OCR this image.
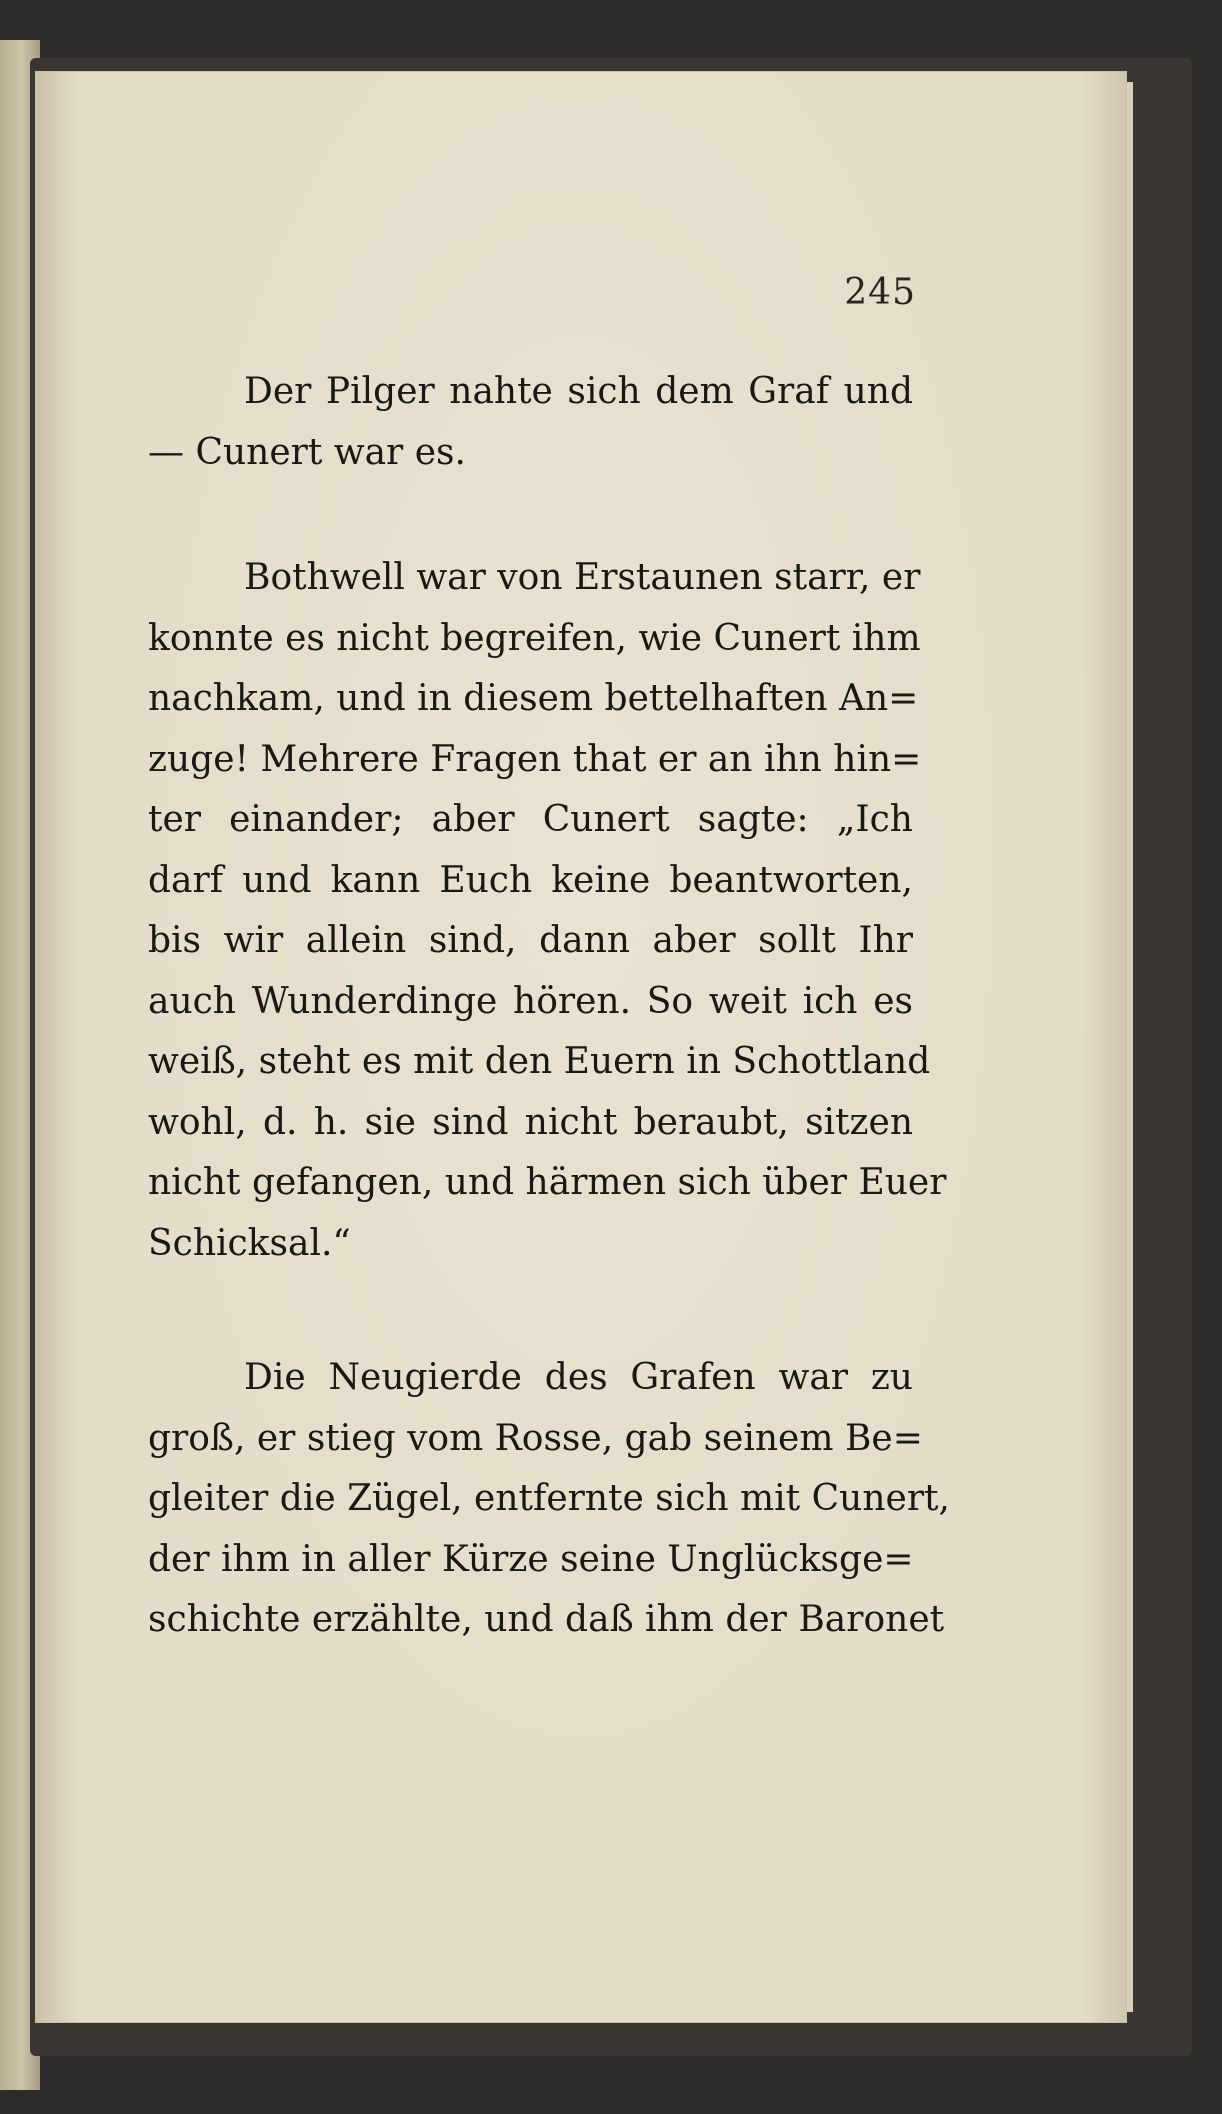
245
Der Pilger nahte sich dem Graf und
— Cunert war es.
Bothwell war von Erstaunen starr, er
konnte es nicht begreifen, wie Cunert ihm
nachkam, und in diesem bettelhaften An=
zuge! Mehrere Fragen that er an ihn hin=
ter einander; aber Cunert sagte: „Ich
darf und kann Euch keine beantworten,
bis wir allein sind, dann aber sollt Ihr
auch Wunderdinge hören. So weit ich es
weiß, steht es mit den Euern in Schottland
wohl, d. h. sie sind nicht beraubt, sitzen
nicht gefangen, und härmen sich über Euer
Schicksal.“
Die Neugierde des Grafen war zu
groß, er stieg vom Rosse, gab seinem Be=
gleiter die Zügel, entfernte sich mit Cunert,
der ihm in aller Kürze seine Unglücksge=
schichte erzählte, und daß ihm der Baronet
